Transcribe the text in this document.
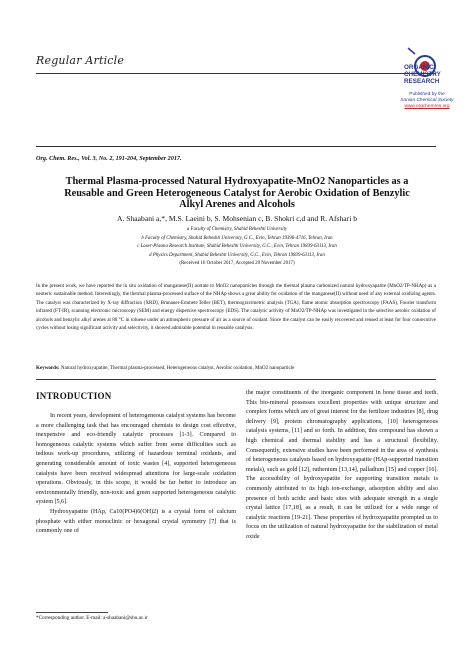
Regular Article
ORGANIC
CHEMISTRY
RESEARCH
Published by the
Iranian Chemical Society
www.orgchemres.org
Org. Chem. Res., Vol. 3, No. 2, 191-204, September 2017.
Thermal Plasma-processed Natural Hydroxyapatite-MnO2 Nanoparticles as a
Reusable and Green Heterogeneous Catalyst for Aerobic Oxidation of Benzylic
Alkyl Arenes and Alcohols
A. Shaabani a,*, M.S. Laeini b, S. Mohsenian c, B. Shokri c,d and R. Afshari b
a Faculty of Chemistry, Shahid Beheshti University
b Faculty of Chemistry, Shahid Beheshti University, G.C., Evin, Tehran 19396-4716, Tehran, Iran
c Laser-Plasma Research Institute, Shahid Beheshti University, G.C., Evin, Tehran 19839-63113, Iran
d Physics Department, Shahid Beheshti University, G.C., Evin, Tehran 19839-63113, Iran
(Received 16 October 2017, Accepted 20 November 2017)
In the present work, we have reported the in situ oxidation of manganese(II) acetate to MnO2 nanoparticles through the thermal plasma carbonized natural hydroxyapatite (MnO2/TP-NHAp) as a neoteric sustainable method. Interestingly, the thermal plasma-processed surface of the NHAp shows a great ability for oxidation of the manganese(II) without need of any external oxidizing agents. The catalyst was characterized by X-ray diffraction (XRD), Brunauer-Emmett-Teller (BET), thermogravimetric analysis (TGA), flame atomic absorption spectroscopy (FAAS), Fourier transform infrared (FT-IR), scanning electronic microscopy (SEM) and energy dispersive spectroscopy (EDS). The catalytic activity of MnO2/TP-NHAp was investigated in the selective aerobic oxidation of alcohols and benzylic alkyl arenes at 80 °C in toluene under an atmospheric pressure of air as a source of oxidant. Since the catalyst can be easily recovered and reused at least for four consecutive cycles without losing significant activity and selectivity, it showed admirable potential in reusable catalysis.
Keywords: Natural hydroxyapatite, Thermal plasma-processed, Heterogeneous catalyst, Aerobic oxidation, MnO2 nanoparticle
INTRODUCTION

In recent years, development of heterogeneous catalyst systems has become a more challenging task that has encouraged chemists to design cost effective, inexpensive and eco-friendly catalytic processes [1-3]. Compared to homogeneous catalytic systems which suffer from some difficulties such as tedious work-up procedures, utilizing of hazardous terminal oxidants, and generating considerable amount of toxic wastes [4], supported heterogeneous catalysts have been received widespread attentions for large-scale oxidation operations. Obviously, in this scope, it would be far better to introduce an environmentally friendly, non-toxic and green supported heterogeneous catalytic system [5,6].

Hydroxyapatite (HAp, Ca10(PO4)6(OH)2) is a crystal form of calcium phosphate with either monoclinic or hexagonal crystal symmetry [7] that is commonly one of

the major constituents of the inorganic component in bone tissue and teeth. This bio-mineral possesses excellent properties with unique structure and complex forms which are of great interest for the fertilizer industries [8], drug delivery [9], protein chromatography applications, [10] heterogeneous catalysis systems, [11] and so forth. In addition, this compound has shown a high chemical and thermal stability and has a structural flexibility. Consequently, extensive studies have been performed in the area of synthesis of heterogeneous catalysts based on hydroxyapatite (HAp-supported transition metals), such as gold [12], ruthenium [13,14], palladium [15] and copper [16]. The accessibility of hydroxyapatite for supporting transition metals is commonly attributed to its high ion-exchange, adsorption ability and also presence of both acidic and basic sites with adequate strength in a single crystal lattice [17,18], as a result, it can be utilized for a wide range of catalytic reactions [19-21]. These properties of hydroxyapatite prompted us to focus on the utilization of natural hydroxyapatite for the stabilization of metal oxide

*Corresponding author. E-mail: a-shaabani@sbu.ac.ir
